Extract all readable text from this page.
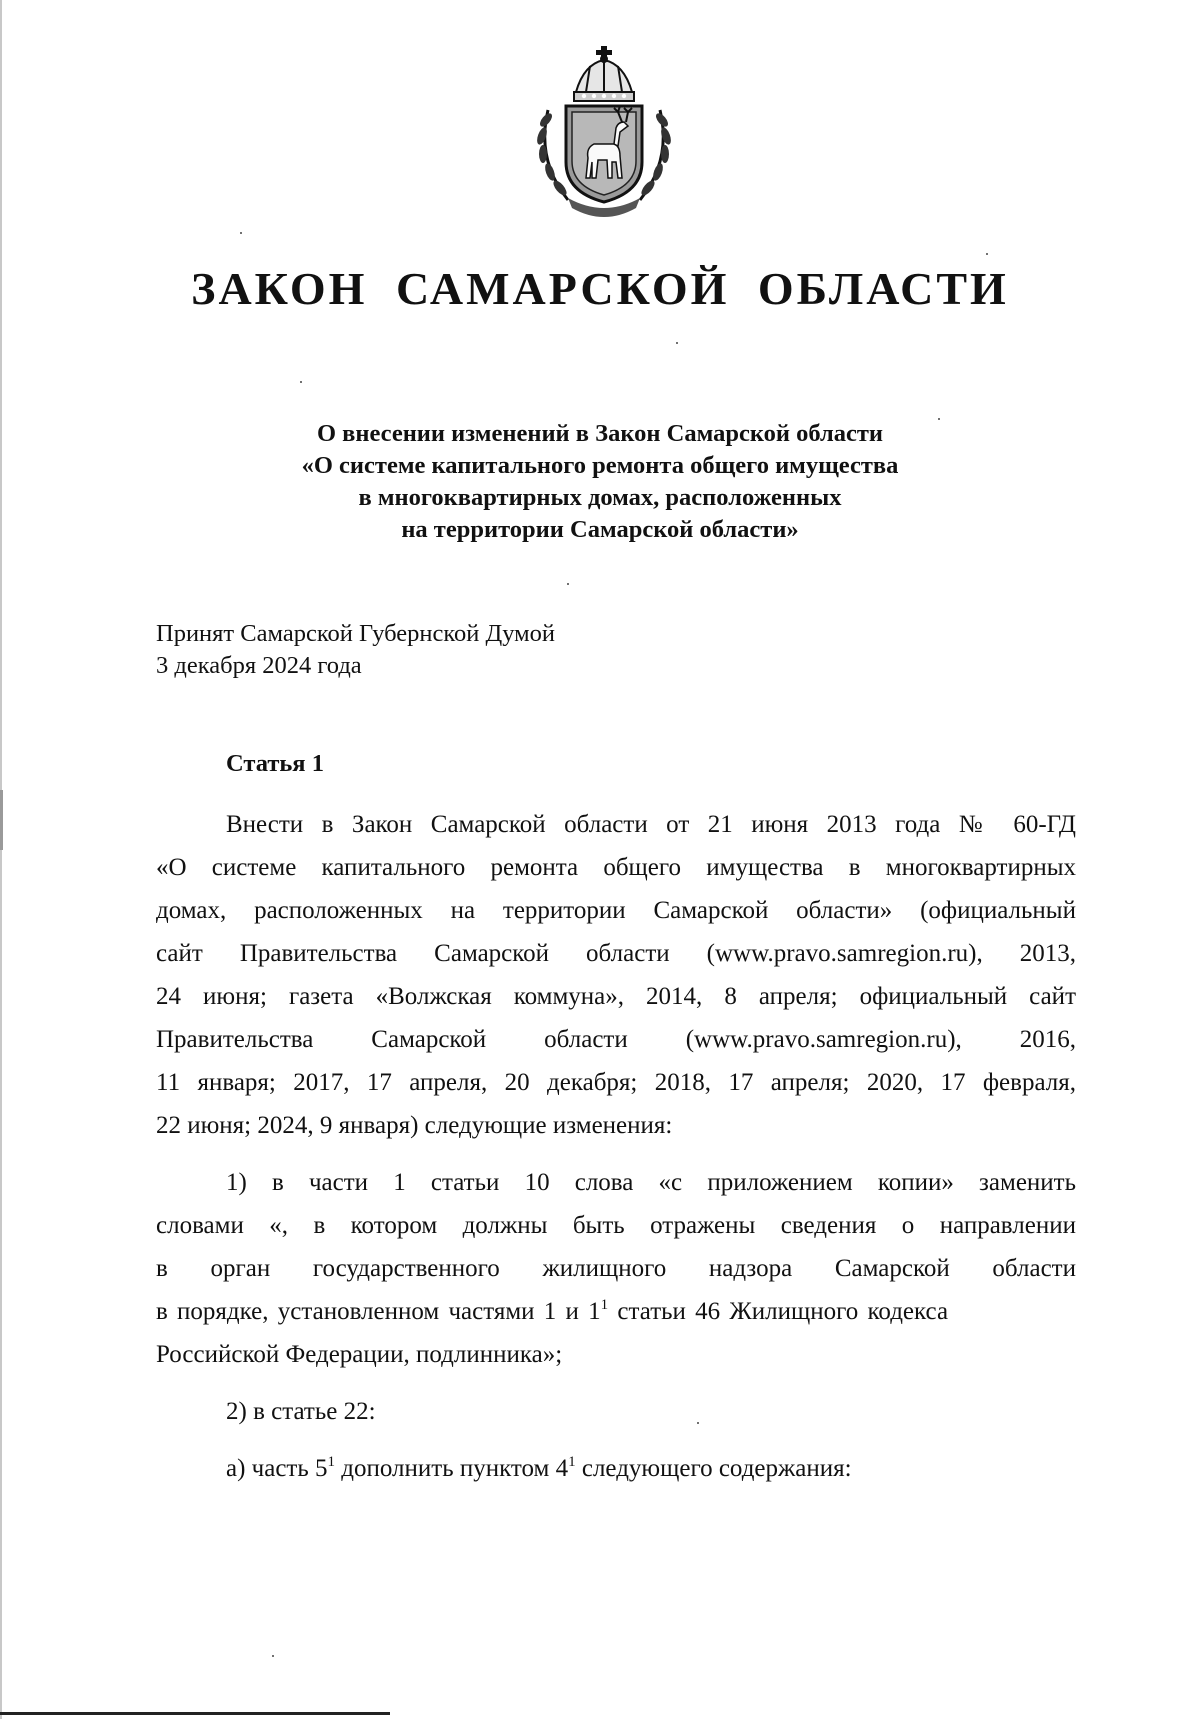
ЗАКОН САМАРСКОЙ ОБЛАСТИ
О внесении изменений в Закон Самарской области
«О системе капитального ремонта общего имущества
в многоквартирных домах, расположенных
на территории Самарской области»
Принят Самарской Губернской Думой
3 декабря 2024 года
Статья 1
Внести в Закон Самарской области от 21 июня 2013 года № 60-ГД
«О системе капитального ремонта общего имущества в многоквартирных
домах, расположенных на территории Самарской области» (официальный
сайт Правительства Самарской области (www.pravo.samregion.ru), 2013,
24 июня; газета «Волжская коммуна», 2014, 8 апреля; официальный сайт
Правительства Самарской области (www.pravo.samregion.ru), 2016,
11 января; 2017, 17 апреля, 20 декабря; 2018, 17 апреля; 2020, 17 февраля,
22 июня; 2024, 9 января) следующие изменения:
1) в части 1 статьи 10 слова «с приложением копии» заменить
словами «, в котором должны быть отражены сведения о направлении
в орган государственного жилищного надзора Самарской области
в порядке, установленном частями 1 и $1^1$ статьи 46 Жилищного кодекса
Российской Федерации, подлинника»;
2) в статье 22:
а) часть $5^1$ дополнить пунктом $4^1$ следующего содержания:
